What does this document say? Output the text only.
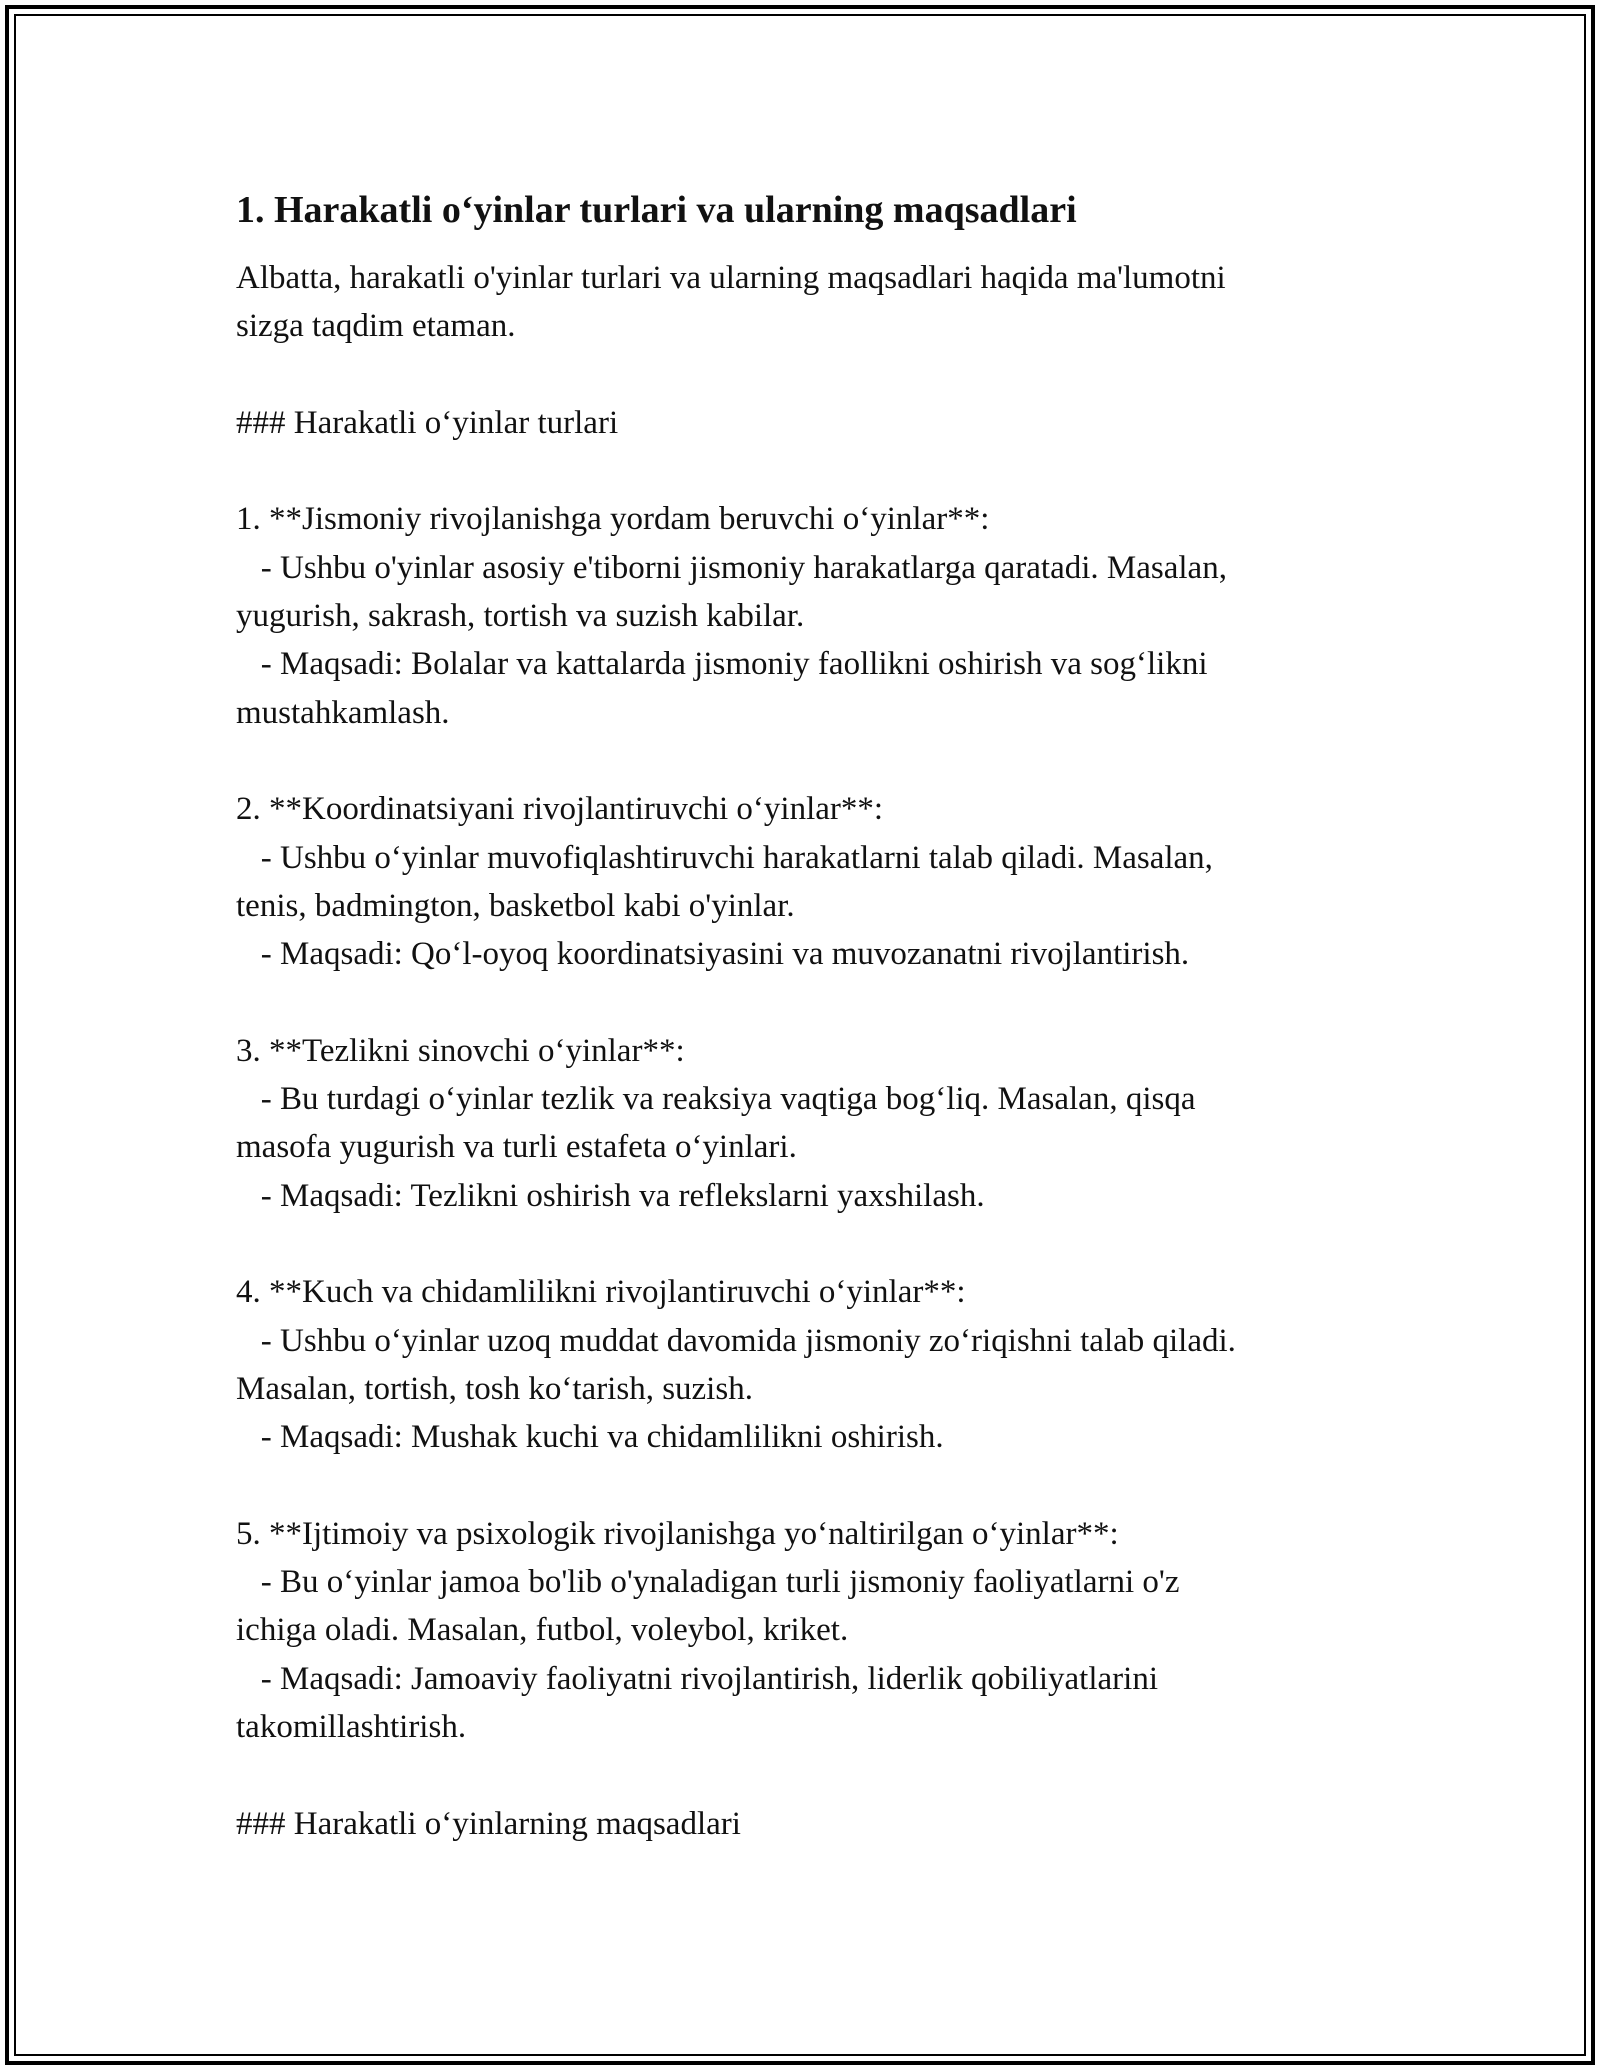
1. Harakatli o‘yinlar turlari va ularning maqsadlari
Albatta, harakatli o'yinlar turlari va ularning maqsadlari haqida ma'lumotni
sizga taqdim etaman.
### Harakatli o‘yinlar turlari
1. **Jismoniy rivojlanishga yordam beruvchi o‘yinlar**:
- Ushbu o'yinlar asosiy e'tiborni jismoniy harakatlarga qaratadi. Masalan,
yugurish, sakrash, tortish va suzish kabilar.
- Maqsadi: Bolalar va kattalarda jismoniy faollikni oshirish va sog‘likni
mustahkamlash.
2. **Koordinatsiyani rivojlantiruvchi o‘yinlar**:
- Ushbu o‘yinlar muvofiqlashtiruvchi harakatlarni talab qiladi. Masalan,
tenis, badmington, basketbol kabi o'yinlar.
- Maqsadi: Qo‘l-oyoq koordinatsiyasini va muvozanatni rivojlantirish.
3. **Tezlikni sinovchi o‘yinlar**:
- Bu turdagi o‘yinlar tezlik va reaksiya vaqtiga bog‘liq. Masalan, qisqa
masofa yugurish va turli estafeta o‘yinlari.
- Maqsadi: Tezlikni oshirish va reflekslarni yaxshilash.
4. **Kuch va chidamlilikni rivojlantiruvchi o‘yinlar**:
- Ushbu o‘yinlar uzoq muddat davomida jismoniy zo‘riqishni talab qiladi.
Masalan, tortish, tosh ko‘tarish, suzish.
- Maqsadi: Mushak kuchi va chidamlilikni oshirish.
5. **Ijtimoiy va psixologik rivojlanishga yo‘naltirilgan o‘yinlar**:
- Bu o‘yinlar jamoa bo'lib o'ynaladigan turli jismoniy faoliyatlarni o'z
ichiga oladi. Masalan, futbol, voleybol, kriket.
- Maqsadi: Jamoaviy faoliyatni rivojlantirish, liderlik qobiliyatlarini
takomillashtirish.
### Harakatli o‘yinlarning maqsadlari
